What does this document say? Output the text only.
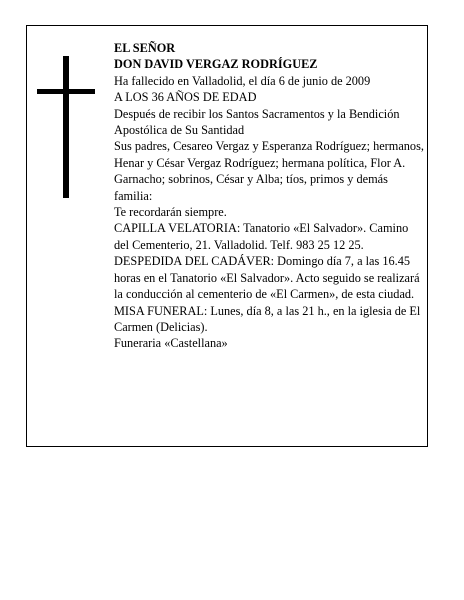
EL SEÑOR

DON DAVID VERGAZ RODRÍGUEZ

Ha fallecido en Valladolid, el día 6 de junio de 2009

A LOS 36 AÑOS DE EDAD

Después de recibir los Santos Sacramentos y la Bendición Apostólica de Su Santidad

Sus padres, Cesareo Vergaz y Esperanza Rodríguez; hermanos, Henar y César Vergaz Rodríguez; hermana política, Flor A. Garnacho; sobrinos, César y Alba; tíos, primos y demás familia:

Te recordarán siempre.

CAPILLA VELATORIA: Tanatorio «El Salvador». Camino del Cementerio, 21. Valladolid. Telf. 983 25 12 25.

DESPEDIDA DEL CADÁVER: Domingo día 7, a las 16.45 horas en el Tanatorio «El Salvador». Acto seguido se realizará la conducción al cementerio de «El Carmen», de esta ciudad.

MISA FUNERAL: Lunes, día 8, a las 21 h., en la iglesia de El Carmen (Delicias).

Funeraria «Castellana»
